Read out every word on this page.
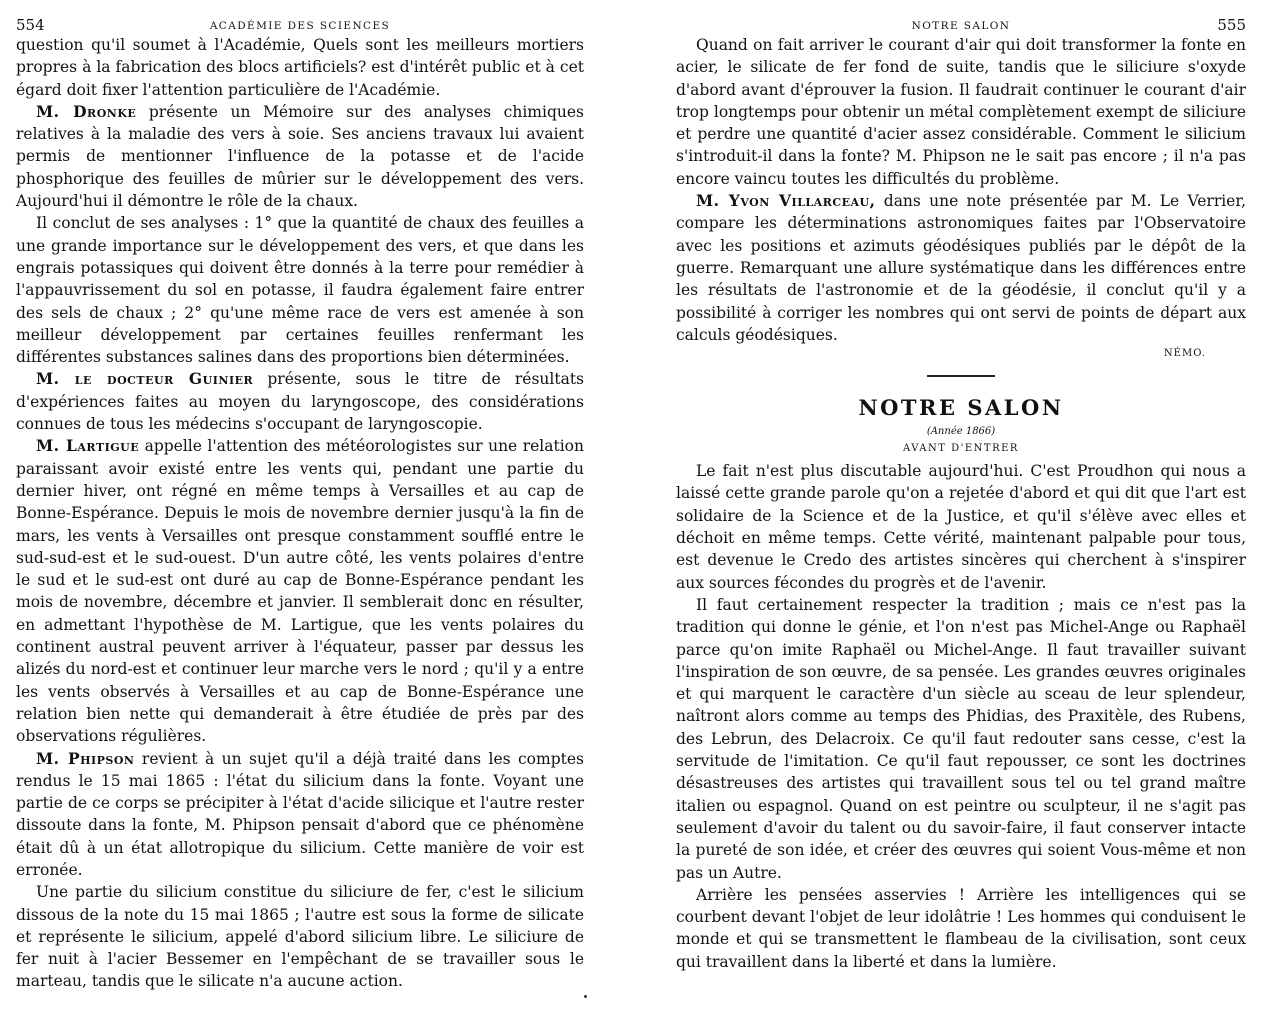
554	ACADÉMIE DES SCIENCES

question qu'il soumet à l'Académie, Quels sont les meilleurs mortiers propres à la fabrication des blocs artificiels? est d'intérêt public et à cet égard doit fixer l'attention particulière de l'Académie.

M. Dronke présente un Mémoire sur des analyses chimiques relatives à la maladie des vers à soie. Ses anciens travaux lui avaient permis de mentionner l'influence de la potasse et de l'acide phosphorique des feuilles de mûrier sur le développement des vers. Aujourd'hui il démontre le rôle de la chaux.

Il conclut de ses analyses : 1° que la quantité de chaux des feuilles a une grande importance sur le développement des vers, et que dans les engrais potassiques qui doivent être donnés à la terre pour remédier à l'appauvrissement du sol en potasse, il faudra également faire entrer des sels de chaux ; 2° qu'une même race de vers est amenée à son meilleur développement par certaines feuilles renfermant les différentes substances salines dans des proportions bien déterminées.

M. le docteur Guinier présente, sous le titre de résultats d'expériences faites au moyen du laryngoscope, des considérations connues de tous les médecins s'occupant de laryngoscopie.

M. Lartigue appelle l'attention des météorologistes sur une relation paraissant avoir existé entre les vents qui, pendant une partie du dernier hiver, ont régné en même temps à Versailles et au cap de Bonne-Espérance. Depuis le mois de novembre dernier jusqu'à la fin de mars, les vents à Versailles ont presque constamment soufflé entre le sud-sud-est et le sud-ouest. D'un autre côté, les vents polaires d'entre le sud et le sud-est ont duré au cap de Bonne-Espérance pendant les mois de novembre, décembre et janvier. Il semblerait donc en résulter, en admettant l'hypothèse de M. Lartigue, que les vents polaires du continent austral peuvent arriver à l'équateur, passer par dessus les alizés du nord-est et continuer leur marche vers le nord ; qu'il y a entre les vents observés à Versailles et au cap de Bonne-Espérance une relation bien nette qui demanderait à être étudiée de près par des observations régulières.

M. Phipson revient à un sujet qu'il a déjà traité dans les comptes rendus le 15 mai 1865 : l'état du silicium dans la fonte. Voyant une partie de ce corps se précipiter à l'état d'acide silicique et l'autre rester dissoute dans la fonte, M. Phipson pensait d'abord que ce phénomène était dû à un état allotropique du silicium. Cette manière de voir est erronée.

Une partie du silicium constitue du siliciure de fer, c'est le silicium dissous de la note du 15 mai 1865 ; l'autre est sous la forme de silicate et représente le silicium, appelé d'abord silicium libre. Le siliciure de fer nuit à l'acier Bessemer en l'empêchant de se travailler sous le marteau, tandis que le silicate n'a aucune action.

NOTRE SALON	555

Quand on fait arriver le courant d'air qui doit transformer la fonte en acier, le silicate de fer fond de suite, tandis que le siliciure s'oxyde d'abord avant d'éprouver la fusion. Il faudrait continuer le courant d'air trop longtemps pour obtenir un métal complètement exempt de siliciure et perdre une quantité d'acier assez considérable. Comment le silicium s'introduit-il dans la fonte? M. Phipson ne le sait pas encore ; il n'a pas encore vaincu toutes les difficultés du problème.

M. Yvon Villarceau, dans une note présentée par M. Le Verrier, compare les déterminations astronomiques faites par l'Observatoire avec les positions et azimuts géodésiques publiés par le dépôt de la guerre. Remarquant une allure systématique dans les différences entre les résultats de l'astronomie et de la géodésie, il conclut qu'il y a possibilité à corriger les nombres qui ont servi de points de départ aux calculs géodésiques.

NÉMO.
NOTRE SALON
(Année 1866)
AVANT D'ENTRER

Le fait n'est plus discutable aujourd'hui. C'est Proudhon qui nous a laissé cette grande parole qu'on a rejetée d'abord et qui dit que l'art est solidaire de la Science et de la Justice, et qu'il s'élève avec elles et déchoit en même temps. Cette vérité, maintenant palpable pour tous, est devenue le Credo des artistes sincères qui cherchent à s'inspirer aux sources fécondes du progrès et de l'avenir.

Il faut certainement respecter la tradition ; mais ce n'est pas la tradition qui donne le génie, et l'on n'est pas Michel-Ange ou Raphaël parce qu'on imite Raphaël ou Michel-Ange. Il faut travailler suivant l'inspiration de son œuvre, de sa pensée. Les grandes œuvres originales et qui marquent le caractère d'un siècle au sceau de leur splendeur, naîtront alors comme au temps des Phidias, des Praxitèle, des Rubens, des Lebrun, des Delacroix. Ce qu'il faut redouter sans cesse, c'est la servitude de l'imitation. Ce qu'il faut repousser, ce sont les doctrines désastreuses des artistes qui travaillent sous tel ou tel grand maître italien ou espagnol. Quand on est peintre ou sculpteur, il ne s'agit pas seulement d'avoir du talent ou du savoir-faire, il faut conserver intacte la pureté de son idée, et créer des œuvres qui soient Vous-même et non pas un Autre.

Arrière les pensées asservies ! Arrière les intelligences qui se courbent devant l'objet de leur idolâtrie ! Les hommes qui conduisent le monde et qui se transmettent le flambeau de la civilisation, sont ceux qui travaillent dans la liberté et dans la lumière.
